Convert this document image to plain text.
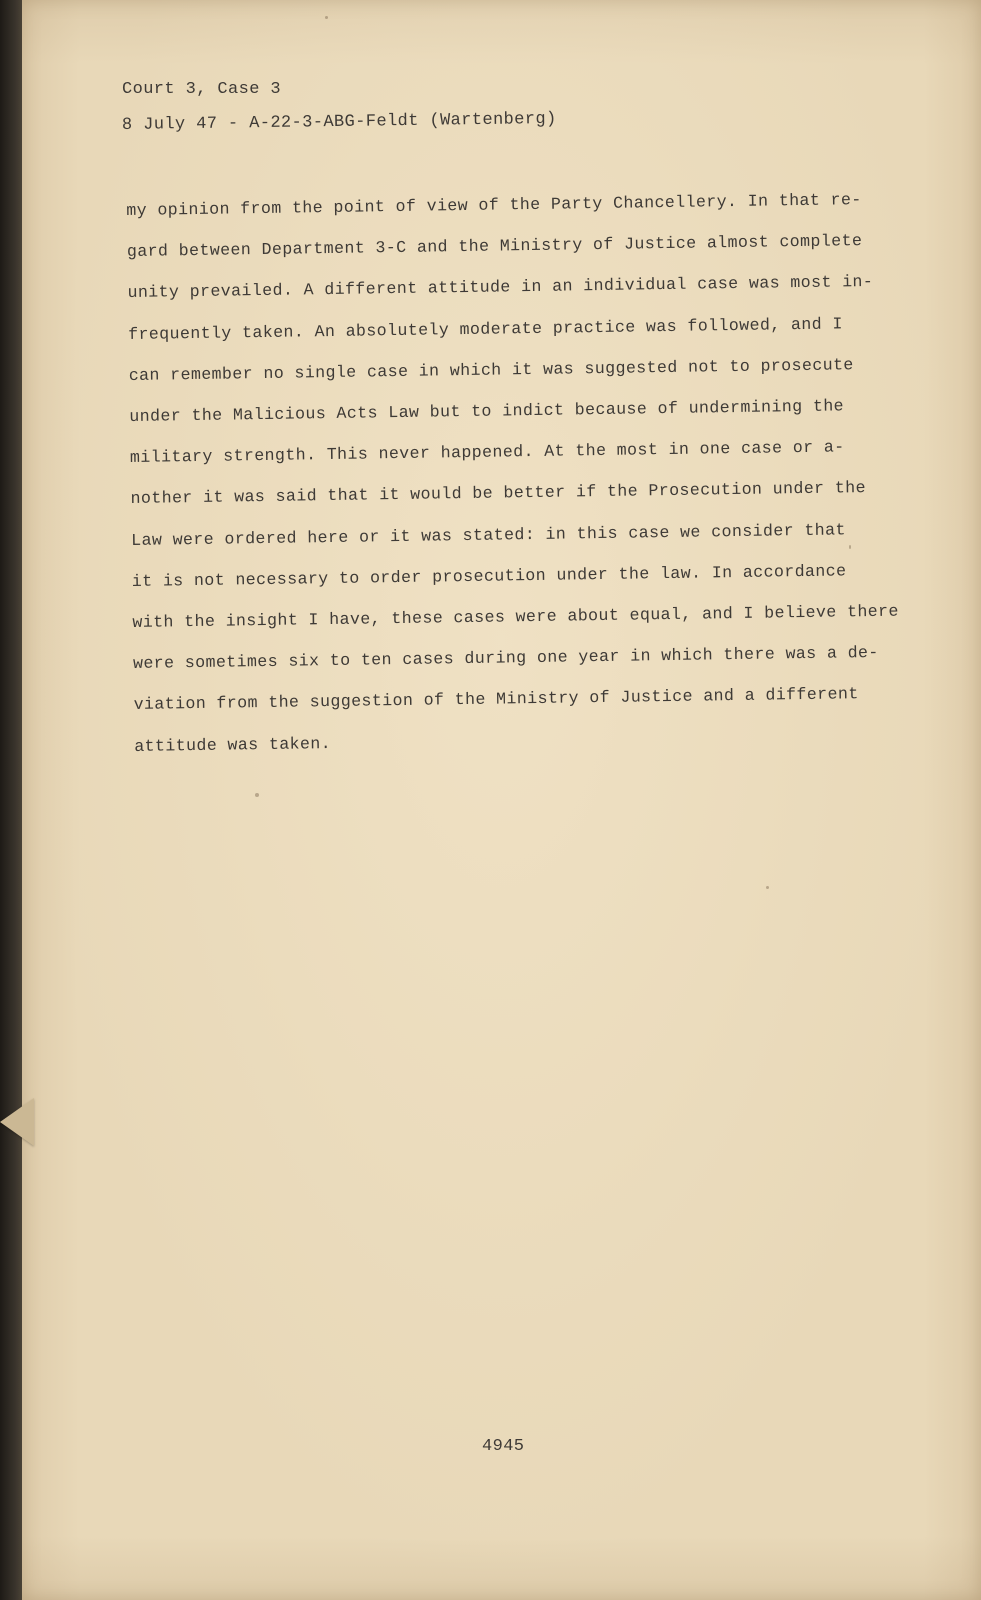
Court 3, Case 3
8 July 47 - A-22-3-ABG-Feldt (Wartenberg)
my opinion from the point of view of the Party Chancellery. In that re-
gard between Department 3-C and the Ministry of Justice almost complete
unity prevailed. A different attitude in an individual case was most in-
frequently taken. An absolutely moderate practice was followed, and I
can remember no single case in which it was suggested not to prosecute
under the Malicious Acts Law but to indict because of undermining the
military strength. This never happened. At the most in one case or a-
nother it was said that it would be better if the Prosecution under the
Law were ordered here or it was stated: in this case we consider that
it is not necessary to order prosecution under the law. In accordance
with the insight I have, these cases were about equal, and I believe there
were sometimes six to ten cases during one year in which there was a de-
viation from the suggestion of the Ministry of Justice and a different
attitude was taken.
4945
